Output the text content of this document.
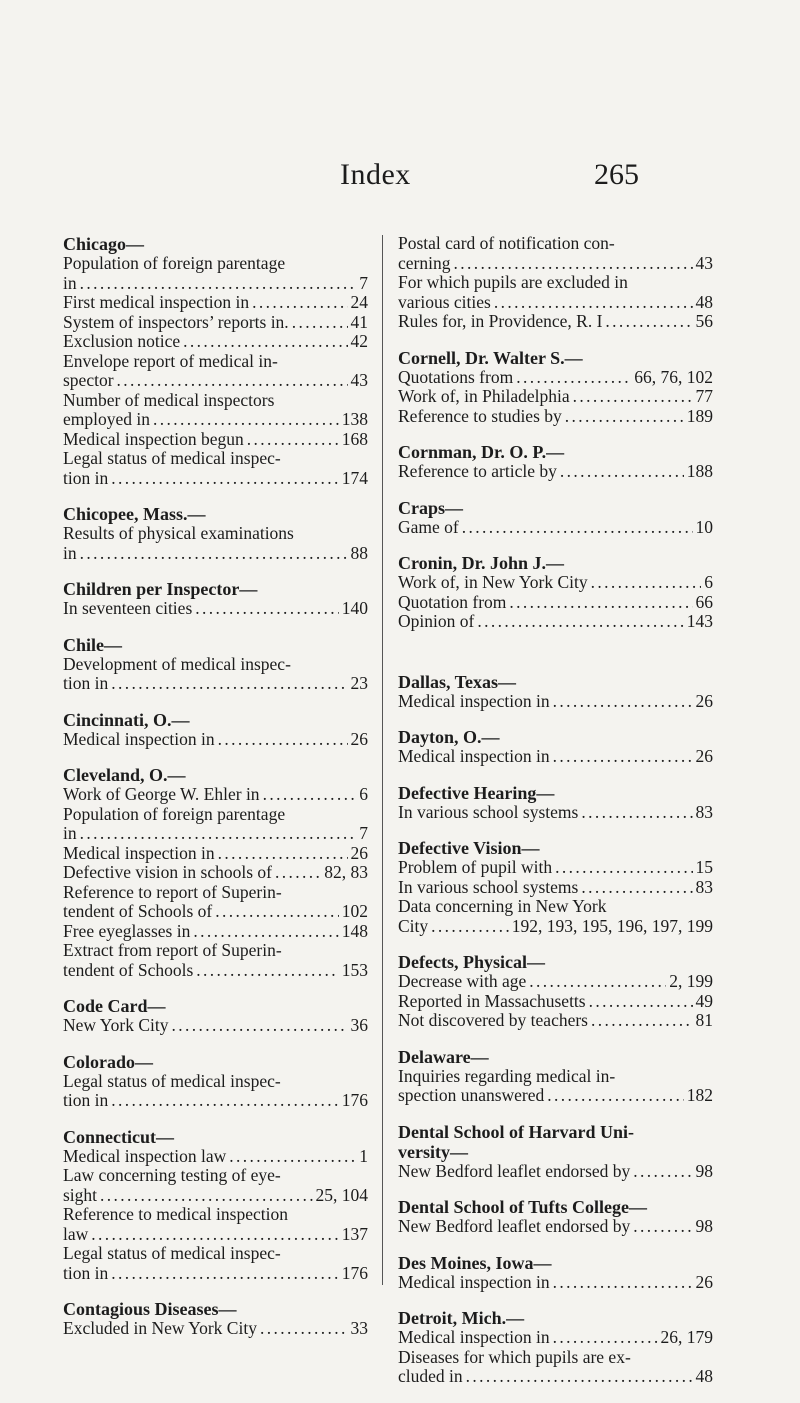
Index	265
Chicago—
Population of foreign parentage
in . . .	7
First medical inspection in . . .	24
System of inspectors’ reports in. . . .	41
Exclusion notice . . .	42
Envelope report of medical in-
spector . . .	43
Number of medical inspectors
employed in . . .	138
Medical inspection begun . . .	168
Legal status of medical inspec-
tion in . . .	174
Chicopee, Mass.—
Results of physical examinations
in . . .	88
Children per Inspector—
In seventeen cities . . .	140
Chile—
Development of medical inspec-
tion in . . .	23
Cincinnati, O.—
Medical inspection in . . .	26
Cleveland, O.—
Work of George W. Ehler in . . .	6
Population of foreign parentage
in . . .	7
Medical inspection in . . .	26
Defective vision in schools of . . .	82, 83
Reference to report of Superin-
tendent of Schools of . . .	102
Free eyeglasses in . . .	148
Extract from report of Superin-
tendent of Schools . . .	153
Code Card—
New York City . . .	36
Colorado—
Legal status of medical inspec-
tion in . . .	176
Connecticut—
Medical inspection law . . .	1
Law concerning testing of eye-
sight . . .	25, 104
Reference to medical inspection
law . . .	137
Legal status of medical inspec-
tion in . . .	176
Contagious Diseases—
Excluded in New York City . . .	33
Postal card of notification con-
cerning . . .	43
For which pupils are excluded in
various cities . . .	48
Rules for, in Providence, R. I . . .	56
Cornell, Dr. Walter S.—
Quotations from . . .	66, 76, 102
Work of, in Philadelphia . . .	77
Reference to studies by . . .	189
Cornman, Dr. O. P.—
Reference to article by . . .	188
Craps—
Game of . . .	10
Cronin, Dr. John J.—
Work of, in New York City . . .	6
Quotation from . . .	66
Opinion of . . .	143
Dallas, Texas—
Medical inspection in . . .	26
Dayton, O.—
Medical inspection in . . .	26
Defective Hearing—
In various school systems . . .	83
Defective Vision—
Problem of pupil with . . .	15
In various school systems . . .	83
Data concerning in New York
City . . .	192, 193, 195, 196, 197, 199
Defects, Physical—
Decrease with age . . .	2, 199
Reported in Massachusetts . . .	49
Not discovered by teachers . . .	81
Delaware—
Inquiries regarding medical in-
spection unanswered . . .	182
Dental School of Harvard Uni-
versity—
New Bedford leaflet endorsed by . . .	98
Dental School of Tufts College—
New Bedford leaflet endorsed by . . .	98
Des Moines, Iowa—
Medical inspection in . . .	26
Detroit, Mich.—
Medical inspection in . . .	26, 179
Diseases for which pupils are ex-
cluded in . . .	48
